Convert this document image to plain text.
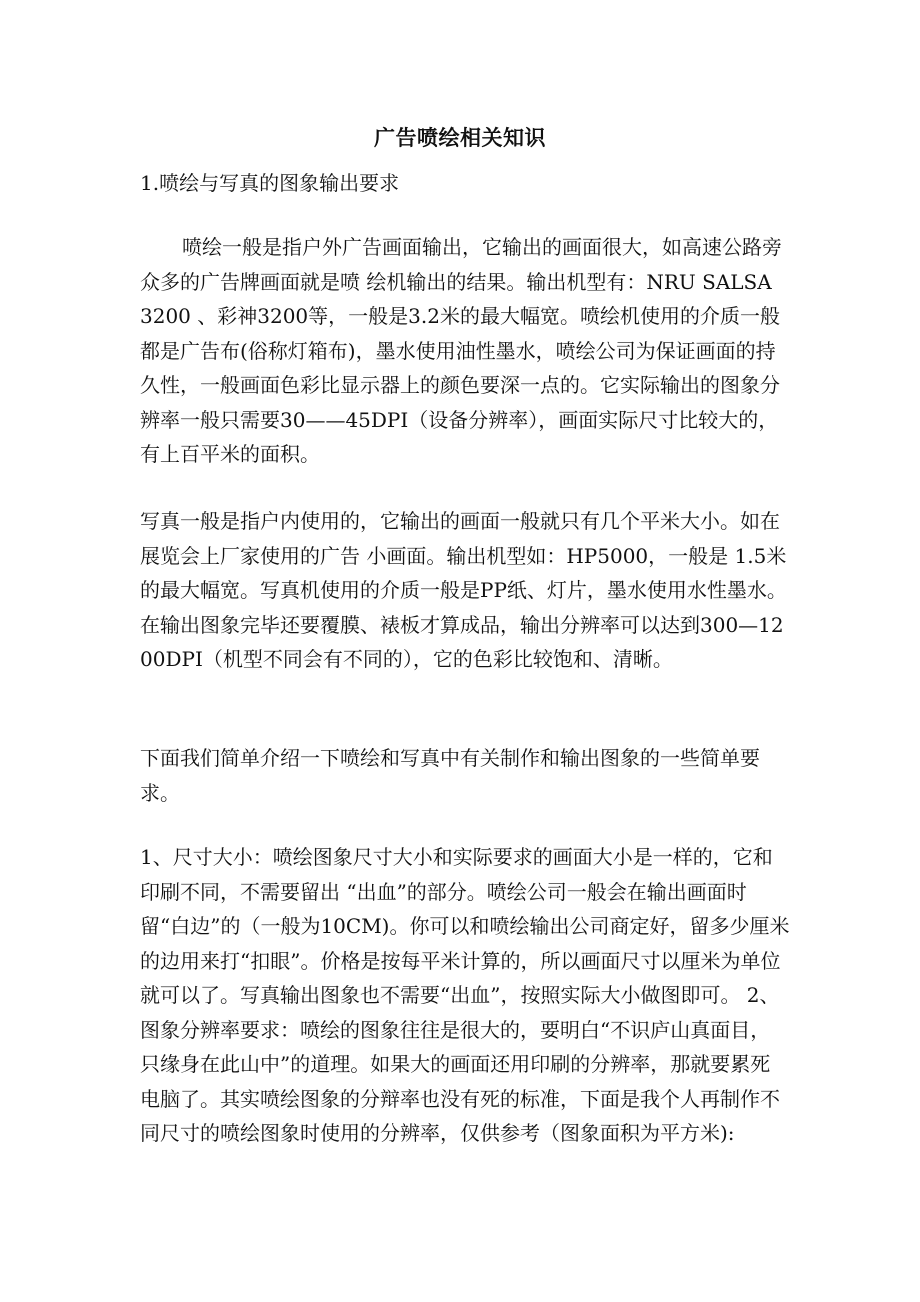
广告喷绘相关知识
1.喷绘与写真的图象输出要求
喷绘一般是指户外广告画面输出，它输出的画面很大，如高速公路旁众多的广告牌画面就是喷 绘机输出的结果。输出机型有：NRU SALSA 3200 、彩神3200等，一般是3.2米的最大幅宽。喷绘机使用的介质一般都是广告布(俗称灯箱布)，墨水使用油性墨水，喷绘公司为保证画面的持久性，一般画面色彩比显示器上的颜色要深一点的。它实际输出的图象分辨率一般只需要30——45DPI（设备分辨率），画面实际尺寸比较大的，有上百平米的面积。
写真一般是指户内使用的，它输出的画面一般就只有几个平米大小。如在展览会上厂家使用的广告 小画面。输出机型如：HP5000，一般是 1.5米的最大幅宽。写真机使用的介质一般是PP纸、灯片，墨水使用水性墨水。在输出图象完毕还要覆膜、裱板才算成品，输出分辨率可以达到300—1200DPI（机型不同会有不同的），它的色彩比较饱和、清晰。
下面我们简单介绍一下喷绘和写真中有关制作和输出图象的一些简单要求。
1、尺寸大小：喷绘图象尺寸大小和实际要求的画面大小是一样的，它和印刷不同，不需要留出 “出血”的部分。喷绘公司一般会在输出画面时留“白边”的（一般为10CM)。你可以和喷绘输出公司商定好，留多少厘米的边用来打“扣眼”。价格是按每平米计算的，所以画面尺寸以厘米为单位就可以了。写真输出图象也不需要“出血”，按照实际大小做图即可。 2、图象分辨率要求：喷绘的图象往往是很大的，要明白“不识庐山真面目，只缘身在此山中”的道理。如果大的画面还用印刷的分辨率，那就要累死电脑了。其实喷绘图象的分辩率也没有死的标准，下面是我个人再制作不同尺寸的喷绘图象时使用的分辨率，仅供参考（图象面积为平方米):
